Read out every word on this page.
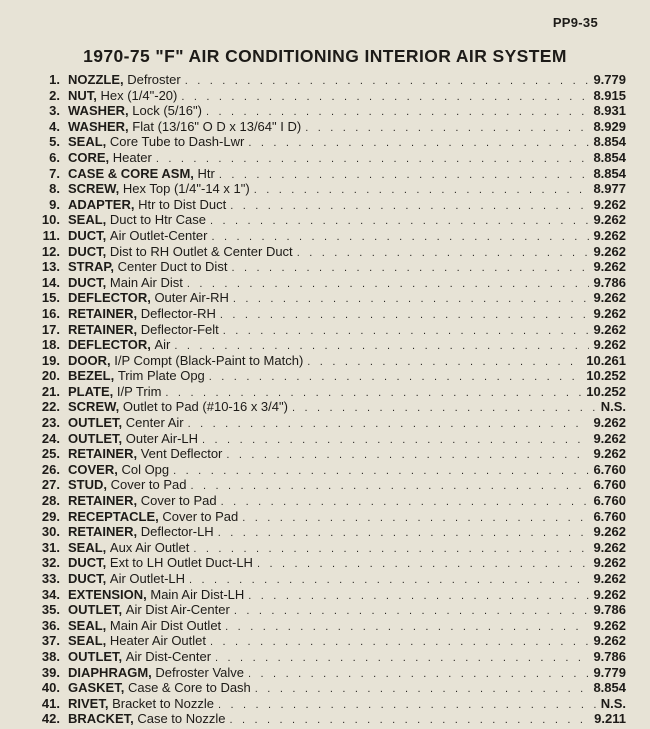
PP9-35
1970-75 "F" AIR CONDITIONING INTERIOR AIR SYSTEM
1. NOZZLE, Defroster . . .	9.779
2. NUT, Hex (1/4"-20) . . .	8.915
3. WASHER, Lock (5/16") . . .	8.931
4. WASHER, Flat (13/16" O D x 13/64" I D) . . .	8.929
5. SEAL, Core Tube to Dash-Lwr . . .	8.854
6. CORE, Heater . . .	8.854
7. CASE & CORE ASM, Htr . . .	8.854
8. SCREW, Hex Top (1/4"-14 x 1") . . .	8.977
9. ADAPTER, Htr to Dist Duct . . .	9.262
10. SEAL, Duct to Htr Case . . .	9.262
11. DUCT, Air Outlet-Center . . .	9.262
12. DUCT, Dist to RH Outlet & Center Duct . . .	9.262
13. STRAP, Center Duct to Dist . . .	9.262
14. DUCT, Main Air Dist . . .	9.786
15. DEFLECTOR, Outer Air-RH . . .	9.262
16. RETAINER, Deflector-RH . . .	9.262
17. RETAINER, Deflector-Felt . . .	9.262
18. DEFLECTOR, Air . . .	9.262
19. DOOR, I/P Compt (Black-Paint to Match) . . .	10.261
20. BEZEL, Trim Plate Opg . . .	10.252
21. PLATE, I/P Trim . . .	10.252
22. SCREW, Outlet to Pad (#10-16 x 3/4") . . .	N.S.
23. OUTLET, Center Air . . .	9.262
24. OUTLET, Outer Air-LH . . .	9.262
25. RETAINER, Vent Deflector . . .	9.262
26. COVER, Col Opg . . .	6.760
27. STUD, Cover to Pad . . .	6.760
28. RETAINER, Cover to Pad . . .	6.760
29. RECEPTACLE, Cover to Pad . . .	6.760
30. RETAINER, Deflector-LH . . .	9.262
31. SEAL, Aux Air Outlet . . .	9.262
32. DUCT, Ext to LH Outlet Duct-LH . . .	9.262
33. DUCT, Air Outlet-LH . . .	9.262
34. EXTENSION, Main Air Dist-LH . . .	9.262
35. OUTLET, Air Dist Air-Center . . .	9.786
36. SEAL, Main Air Dist Outlet . . .	9.262
37. SEAL, Heater Air Outlet . . .	9.262
38. OUTLET, Air Dist-Center . . .	9.786
39. DIAPHRAGM, Defroster Valve . . .	9.779
40. GASKET, Case & Core to Dash . . .	8.854
41. RIVET, Bracket to Nozzle . . .	N.S.
42. BRACKET, Case to Nozzle . . .	9.211
